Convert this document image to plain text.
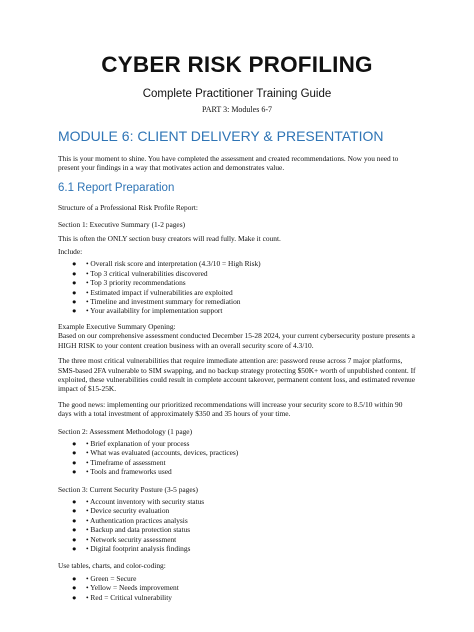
CYBER RISK PROFILING
Complete Practitioner Training Guide
PART 3: Modules 6-7
MODULE 6: CLIENT DELIVERY & PRESENTATION

This is your moment to shine. You have completed the assessment and created recommendations. Now you need to present your findings in a way that motivates action and demonstrates value.

6.1 Report Preparation

Structure of a Professional Risk Profile Report:

Section 1: Executive Summary (1-2 pages)

This is often the ONLY section busy creators will read fully. Make it count.

Include:

● • Overall risk score and interpretation (4.3/10 = High Risk)
● • Top 3 critical vulnerabilities discovered
● • Top 3 priority recommendations
● • Estimated impact if vulnerabilities are exploited
● • Timeline and investment summary for remediation
● • Your availability for implementation support

Example Executive Summary Opening:

Based on our comprehensive assessment conducted December 15-28 2024, your current cybersecurity posture presents a HIGH RISK to your content creation business with an overall security score of 4.3/10.

The three most critical vulnerabilities that require immediate attention are: password reuse across 7 major platforms, SMS-based 2FA vulnerable to SIM swapping, and no backup strategy protecting $50K+ worth of unpublished content. If exploited, these vulnerabilities could result in complete account takeover, permanent content loss, and estimated revenue impact of $15-25K.

The good news: implementing our prioritized recommendations will increase your security score to 8.5/10 within 90 days with a total investment of approximately $350 and 35 hours of your time.

Section 2: Assessment Methodology (1 page)

● • Brief explanation of your process
● • What was evaluated (accounts, devices, practices)
● • Timeframe of assessment
● • Tools and frameworks used

Section 3: Current Security Posture (3-5 pages)

● • Account inventory with security status
● • Device security evaluation
● • Authentication practices analysis
● • Backup and data protection status
● • Network security assessment
● • Digital footprint analysis findings

Use tables, charts, and color-coding:

● • Green = Secure
● • Yellow = Needs improvement
● • Red = Critical vulnerability
